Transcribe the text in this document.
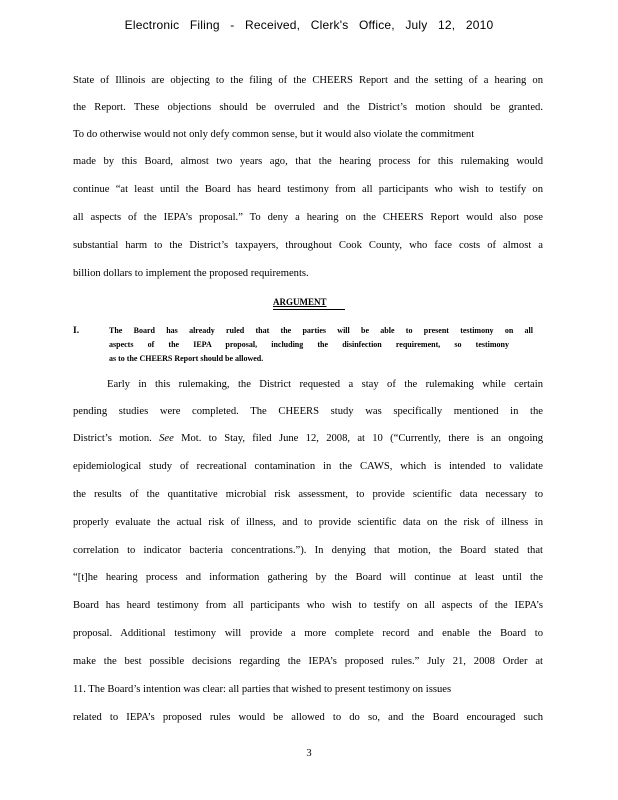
Electronic Filing - Received, Clerk's Office, July 12, 2010
State of Illinois are objecting to the filing of the CHEERS Report and the setting of a hearing on
the Report. These objections should be overruled and the District’s motion should be granted.
To do otherwise would not only defy common sense, but it would also violate the commitment
made by this Board, almost two years ago, that the hearing process for this rulemaking would
continue “at least until the Board has heard testimony from all participants who wish to testify on
all aspects of the IEPA’s proposal.” To deny a hearing on the CHEERS Report would also pose
substantial harm to the District’s taxpayers, throughout Cook County, who face costs of almost a
billion dollars to implement the proposed requirements.
ARGUMENT
I.	The Board has already ruled that the parties will be able to present testimony on all
aspects of the IEPA proposal, including the disinfection requirement, so testimony
as to the CHEERS Report should be allowed.
Early in this rulemaking, the District requested a stay of the rulemaking while certain
pending studies were completed. The CHEERS study was specifically mentioned in the
District’s motion. See Mot. to Stay, filed June 12, 2008, at 10 (“Currently, there is an ongoing
epidemiological study of recreational contamination in the CAWS, which is intended to validate
the results of the quantitative microbial risk assessment, to provide scientific data necessary to
properly evaluate the actual risk of illness, and to provide scientific data on the risk of illness in
correlation to indicator bacteria concentrations.”). In denying that motion, the Board stated that
“[t]he hearing process and information gathering by the Board will continue at least until the
Board has heard testimony from all participants who wish to testify on all aspects of the IEPA’s
proposal. Additional testimony will provide a more complete record and enable the Board to
make the best possible decisions regarding the IEPA’s proposed rules.” July 21, 2008 Order at
11. The Board’s intention was clear: all parties that wished to present testimony on issues
related to IEPA’s proposed rules would be allowed to do so, and the Board encouraged such
3
